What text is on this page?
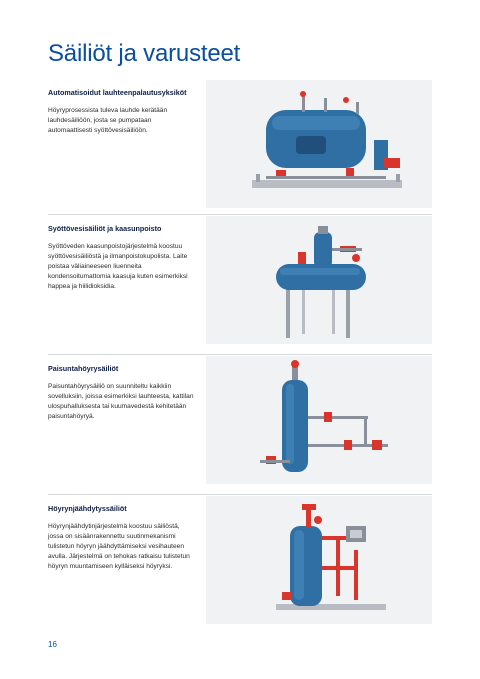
Säiliöt ja varusteet
Automatisoidut lauhteenpalautusyksiköt

Höyryprosessista tuleva lauhde kerätään lauhdesäiliöön, josta se pumpataan automaattisesti syöttövesisäiliöön.

Syöttövesisäiliöt ja kaasunpoisto

Syöttöveden kaasunpoistojärjestelmä koostuu syöttövesisäiliöstä ja ilmanpoistokupolista. Laite
poistaa väliaineeseen liuenneita kondensoitumattomia kaasuja kuten esimerkiksi happea ja hiilidioksidia.

Paisuntahöyrysäiliöt

Paisuntahöyrysäiliö on suunniteltu kaikkiin sovelluksiin, joissa esimerkiksi lauhteesta, kattilan ulospuhalluksesta tai kuumavedestä kehitetään paisuntahöyryä.

Höyrynjäähdytyssäiliöt

Höyrynjäähdytinjärjestelmä koostuu säiliöstä, jossa on sisäänrakennettu suutinmekanismi tulistetun höyryn jäähdyttämiseksi vesihauteen avulla. Järjestelmä on tehokas ratkaisu tulistetun höyryn muuntamiseen kylläiseksi höyryksi.

16
